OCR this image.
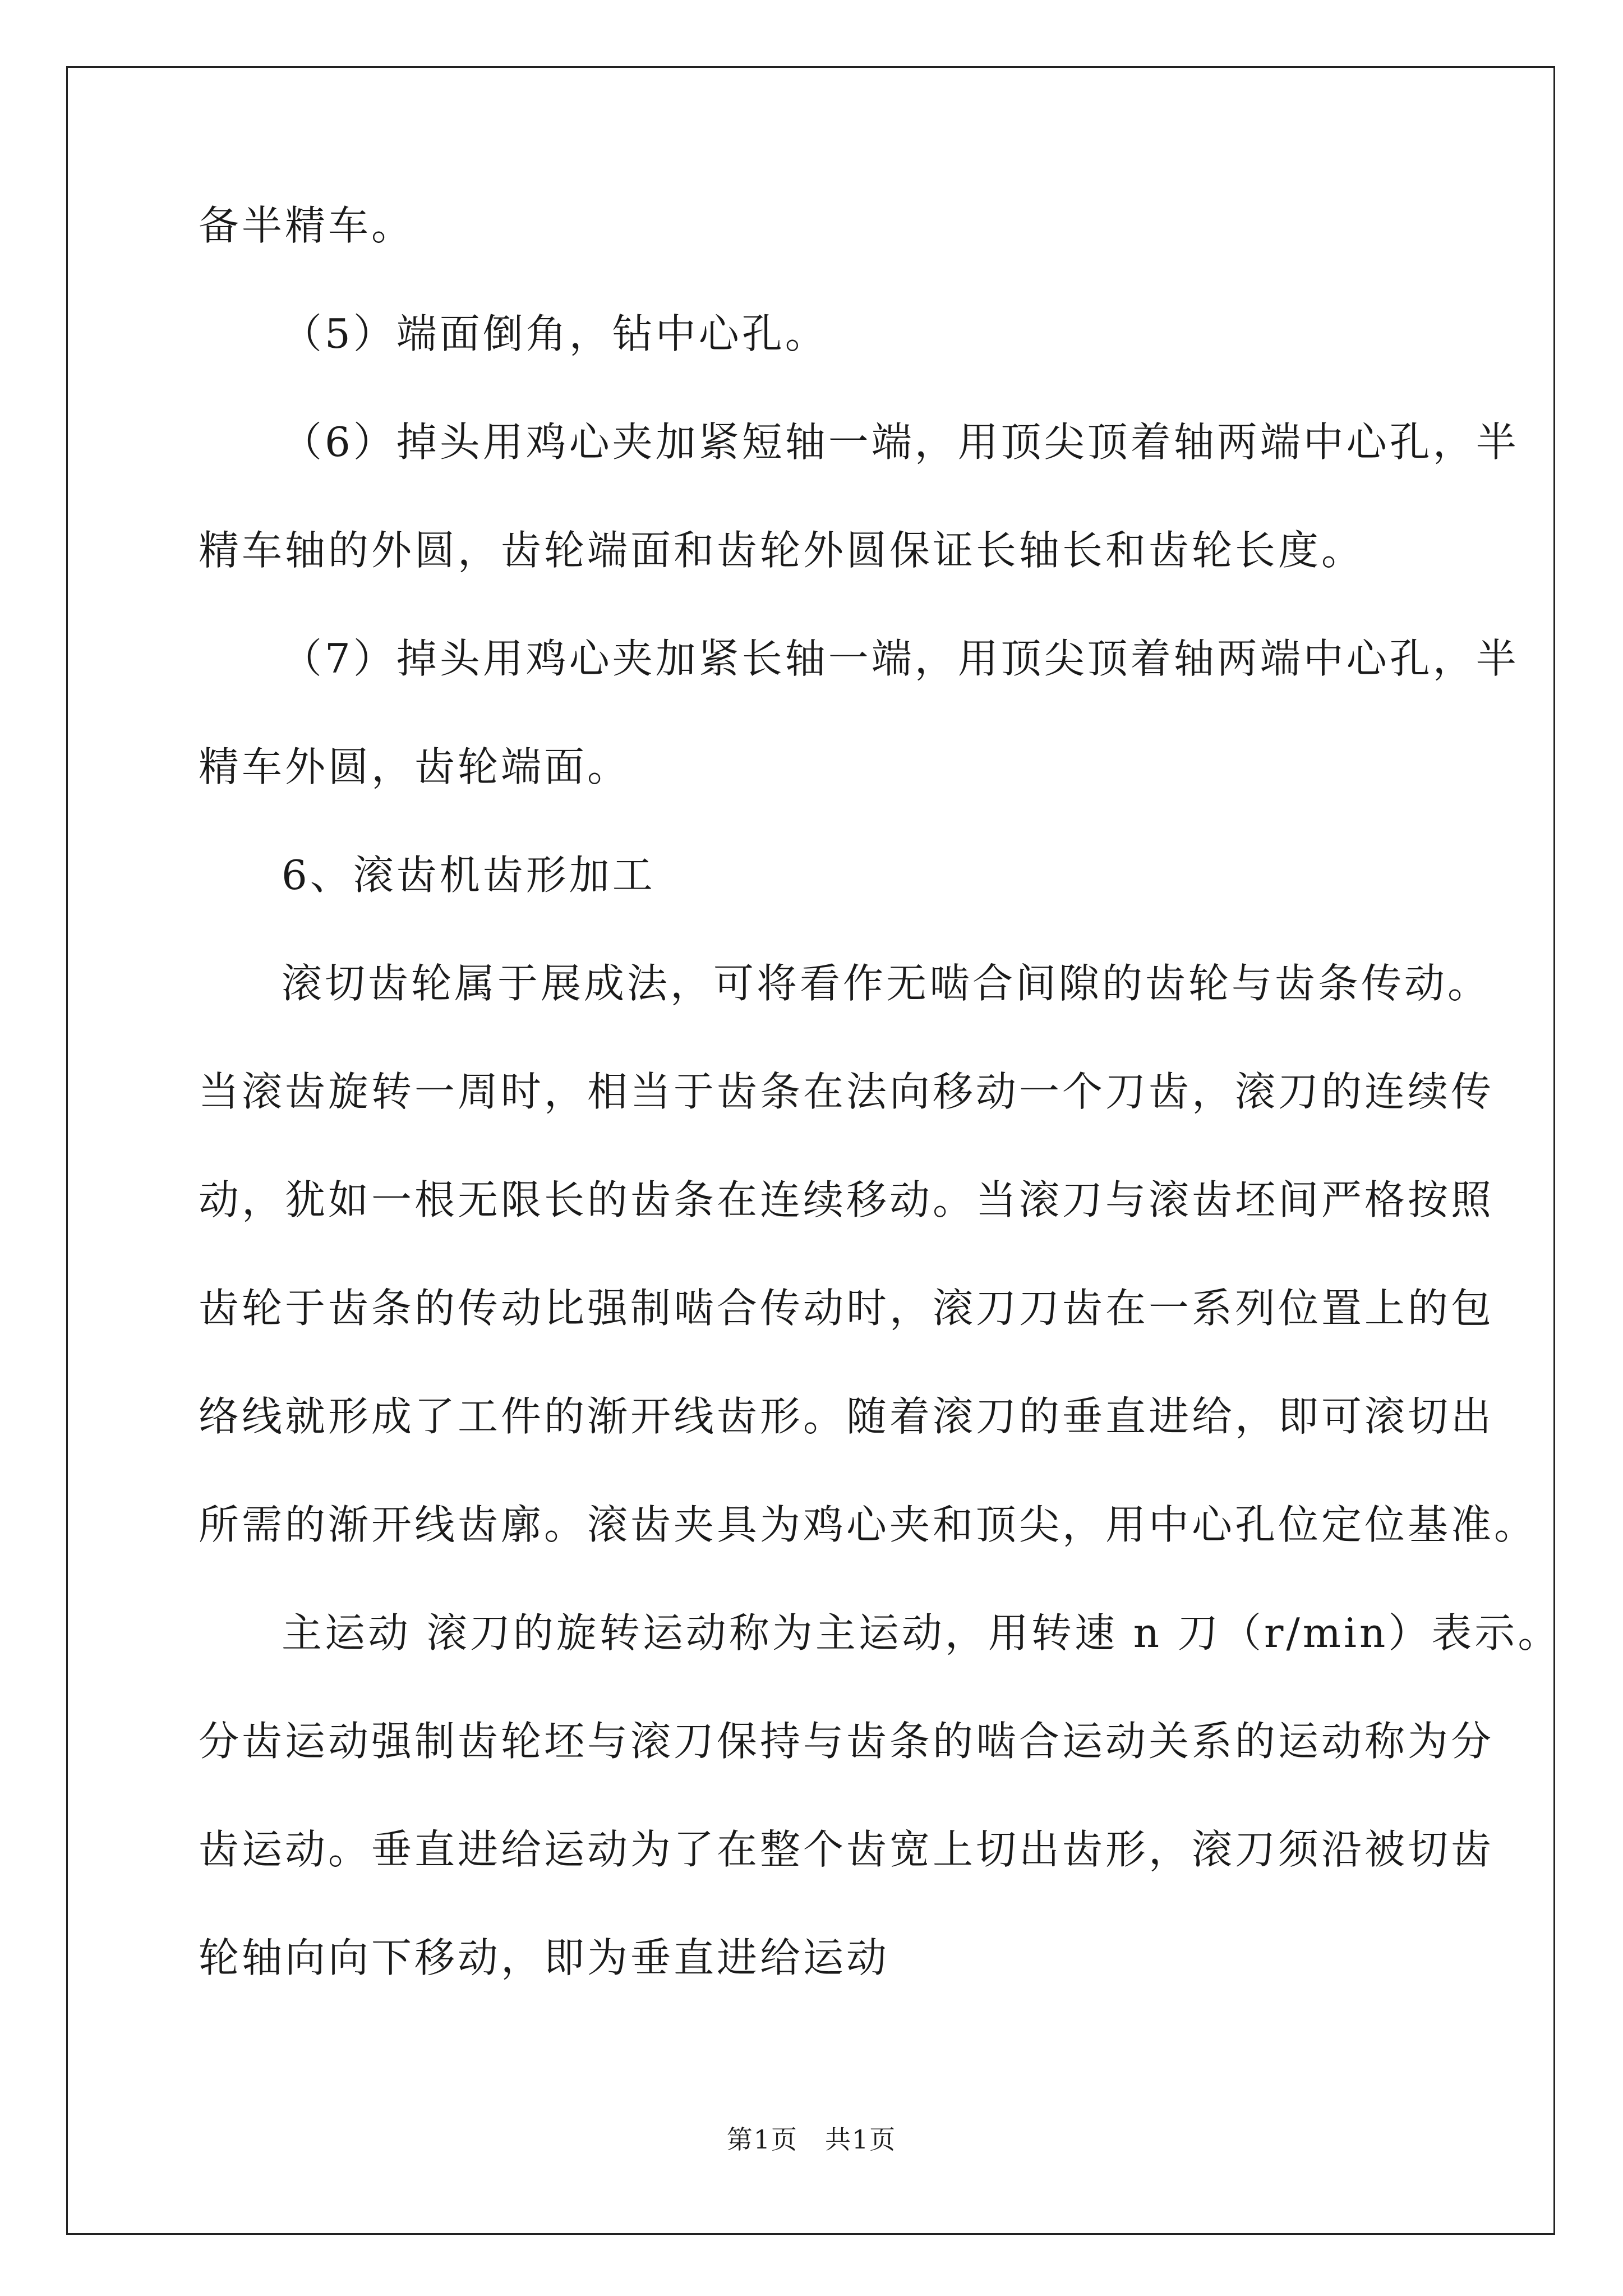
备半精车。
（5）端面倒角，钻中心孔。
（6）掉头用鸡心夹加紧短轴一端，用顶尖顶着轴两端中心孔，半
精车轴的外圆，齿轮端面和齿轮外圆保证长轴长和齿轮长度。
（7）掉头用鸡心夹加紧长轴一端，用顶尖顶着轴两端中心孔，半
精车外圆，齿轮端面。
6、滚齿机齿形加工
滚切齿轮属于展成法，可将看作无啮合间隙的齿轮与齿条传动。
当滚齿旋转一周时，相当于齿条在法向移动一个刀齿，滚刀的连续传
动，犹如一根无限长的齿条在连续移动。当滚刀与滚齿坯间严格按照
齿轮于齿条的传动比强制啮合传动时，滚刀刀齿在一系列位置上的包
络线就形成了工件的渐开线齿形。随着滚刀的垂直进给，即可滚切出
所需的渐开线齿廓。滚齿夹具为鸡心夹和顶尖，用中心孔位定位基准。
主运动 滚刀的旋转运动称为主运动，用转速 n 刀（r/min）表示。
分齿运动强制齿轮坯与滚刀保持与齿条的啮合运动关系的运动称为分
齿运动。垂直进给运动为了在整个齿宽上切出齿形，滚刀须沿被切齿
轮轴向向下移动，即为垂直进给运动
第1页 共1页
